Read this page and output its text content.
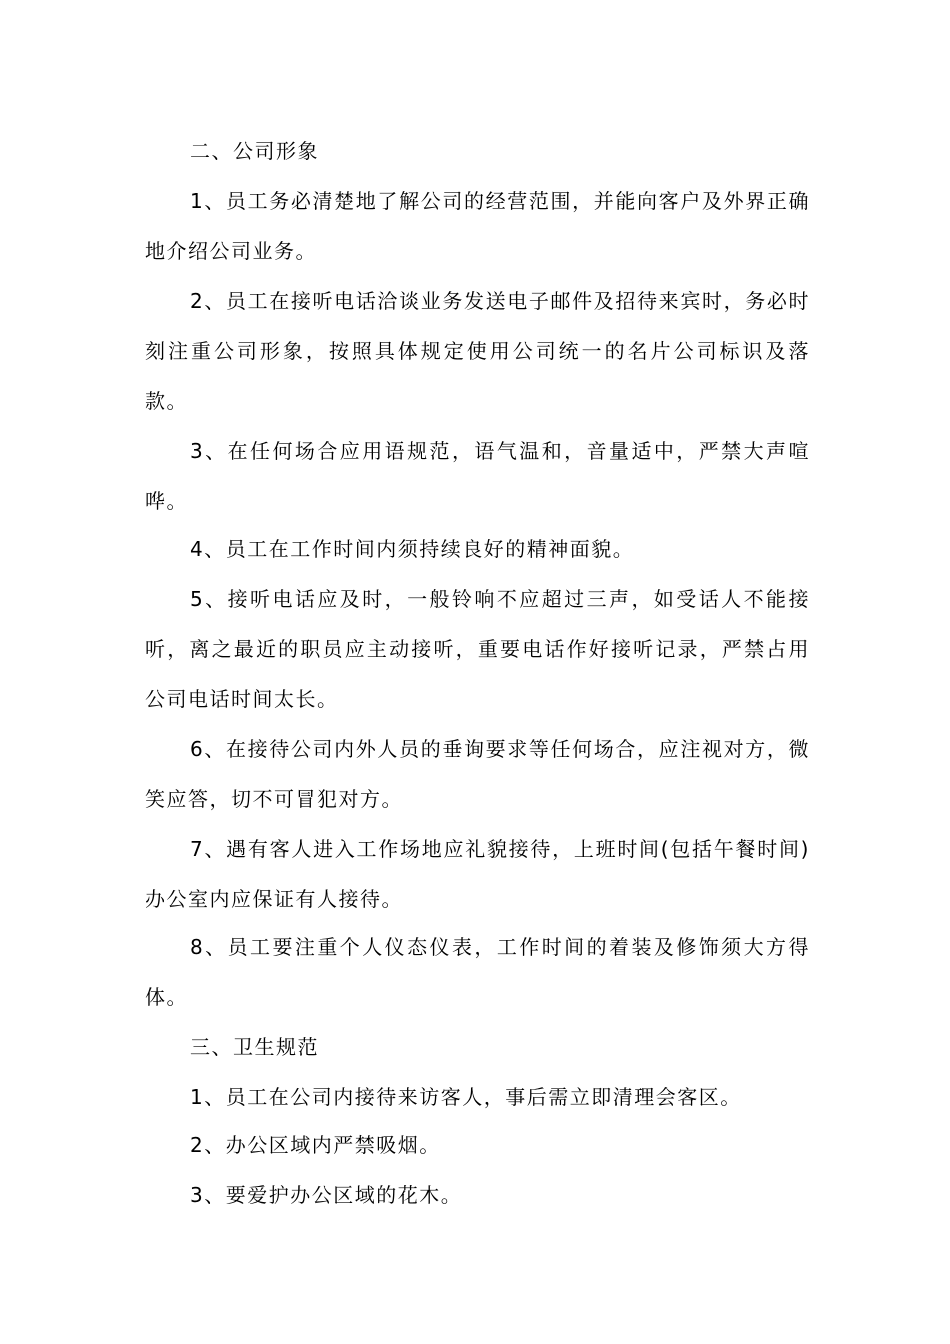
二、公司形象

1、员工务必清楚地了解公司的经营范围，并能向客户及外界正确地介绍公司业务。

2、员工在接听电话洽谈业务发送电子邮件及招待来宾时，务必时刻注重公司形象，按照具体规定使用公司统一的名片公司标识及落款。

3、在任何场合应用语规范，语气温和，音量适中，严禁大声喧哗。

4、员工在工作时间内须持续良好的精神面貌。

5、接听电话应及时，一般铃响不应超过三声，如受话人不能接听，离之最近的职员应主动接听，重要电话作好接听记录，严禁占用公司电话时间太长。

6、在接待公司内外人员的垂询要求等任何场合，应注视对方，微笑应答，切不可冒犯对方。

7、遇有客人进入工作场地应礼貌接待，上班时间(包括午餐时间)办公室内应保证有人接待。

8、员工要注重个人仪态仪表，工作时间的着装及修饰须大方得体。

三、卫生规范

1、员工在公司内接待来访客人，事后需立即清理会客区。

2、办公区域内严禁吸烟。

3、要爱护办公区域的花木。
